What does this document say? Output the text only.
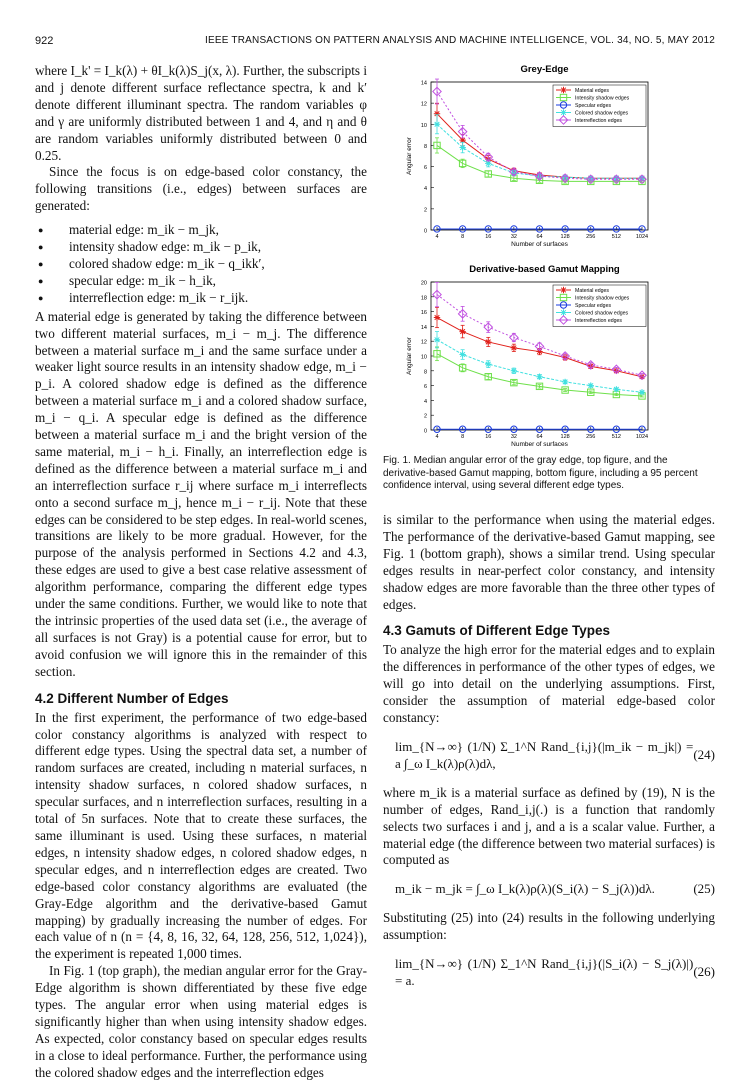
922	IEEE TRANSACTIONS ON PATTERN ANALYSIS AND MACHINE INTELLIGENCE, VOL. 34, NO. 5, MAY 2012

where I_k' = I_k(λ) + θI_k(λ)S_j(x, λ). Further, the subscripts i and j denote different surface reflectance spectra, k and k′ denote different illuminant spectra. The random variables φ and γ are uniformly distributed between 1 and 4, and η and θ are random variables uniformly distributed between 0 and 0.25.

Since the focus is on edge-based color constancy, the following transitions (i.e., edges) between surfaces are generated:

● material edge: m_ik − m_jk,
● intensity shadow edge: m_ik − p_ik,
● colored shadow edge: m_ik − q_ikk′,
● specular edge: m_ik − h_ik,
● interreflection edge: m_ik − r_ijk.

A material edge is generated by taking the difference between two different material surfaces, m_i − m_j. The difference between a material surface m_i and the same surface under a weaker light source results in an intensity shadow edge, m_i − p_i. A colored shadow edge is defined as the difference between a material surface m_i and a colored shadow surface, m_i − q_i. A specular edge is defined as the difference between a material surface m_i and the bright version of the same material, m_i − h_i. Finally, an interreflection edge is defined as the difference between a material surface m_i and an interreflection surface r_ij where surface m_i interreflects onto a second surface m_j, hence m_i − r_ij. Note that these edges can be considered to be step edges. In real-world scenes, transitions are likely to be more gradual. However, for the purpose of the analysis performed in Sections 4.2 and 4.3, these edges are used to give a best case relative assessment of algorithm performance, comparing the different edge types under the same conditions. Further, we would like to note that the intrinsic properties of the used data set (i.e., the average of all surfaces is not Gray) is a potential cause for error, but to avoid confusion we will ignore this in the remainder of this section.

4.2 Different Number of Edges

In the first experiment, the performance of two edge-based color constancy algorithms is analyzed with respect to different edge types. Using the spectral data set, a number of random surfaces are created, including n material surfaces, n intensity shadow surfaces, n colored shadow surfaces, n specular surfaces, and n interreflection surfaces, resulting in a total of 5n surfaces. Note that to create these surfaces, the same illuminant is used. Using these surfaces, n material edges, n intensity shadow edges, n colored shadow edges, n specular edges, and n interreflection edges are created. Two edge-based color constancy algorithms are evaluated (the Gray-Edge algorithm and the derivative-based Gamut mapping) by gradually increasing the number of edges. For each value of n (n = {4, 8, 16, 32, 64, 128, 256, 512, 1,024}), the experiment is repeated 1,000 times.

In Fig. 1 (top graph), the median angular error for the Gray-Edge algorithm is shown differentiated by these five edge types. The angular error when using material edges is significantly higher than when using intensity shadow edges. As expected, color constancy based on specular edges results in a close to ideal performance. Further, the performance using the colored shadow edges and the interreflection edges

Grey-Edge
0
2
4
6
8
10
12
14
4	8	16	32	64	128	256	512	1024
Number of surfaces
Angular error
Material edges
Intensity shadow edges
Specular edges
Colored shadow edges
Interreflection edges

Derivative-based Gamut Mapping
0
2
4
6
8
10
12
14
16
18
20
4	8	16	32	64	128	256	512	1024
Number of surfaces
Angular error
Material edges
Intensity shadow edges
Specular edges
Colored shadow edges
Interreflection edges
Fig. 1. Median angular error of the gray edge, top figure, and the derivative-based Gamut mapping, bottom figure, including a 95 percent confidence interval, using several different edge types.

is similar to the performance when using the material edges. The performance of the derivative-based Gamut mapping, see Fig. 1 (bottom graph), shows a similar trend. Using specular edges results in near-perfect color constancy, and intensity shadow edges are more favorable than the three other types of edges.

4.3 Gamuts of Different Edge Types

To analyze the high error for the material edges and to explain the differences in performance of the other types of edges, we will go into detail on the underlying assumptions. First, consider the assumption of material edge-based color constancy:

lim_{N→∞} (1/N) Σ_1^N Rand_{i,j}(|m_ik − m_jk|) = a ∫_ω I_k(λ)ρ(λ)dλ,
(24)

where m_ik is a material surface as defined by (19), N is the number of edges, Rand_i,j(.) is a function that randomly selects two surfaces i and j, and a is a scalar value. Further, a material edge (the difference between two material surfaces) is computed as

m_ik − m_jk = ∫_ω I_k(λ)ρ(λ)(S_i(λ) − S_j(λ))dλ.	(25)

Substituting (25) into (24) results in the following underlying assumption:

lim_{N→∞} (1/N) Σ_1^N Rand_{i,j}(|S_i(λ) − S_j(λ)|) = a.
(26)
